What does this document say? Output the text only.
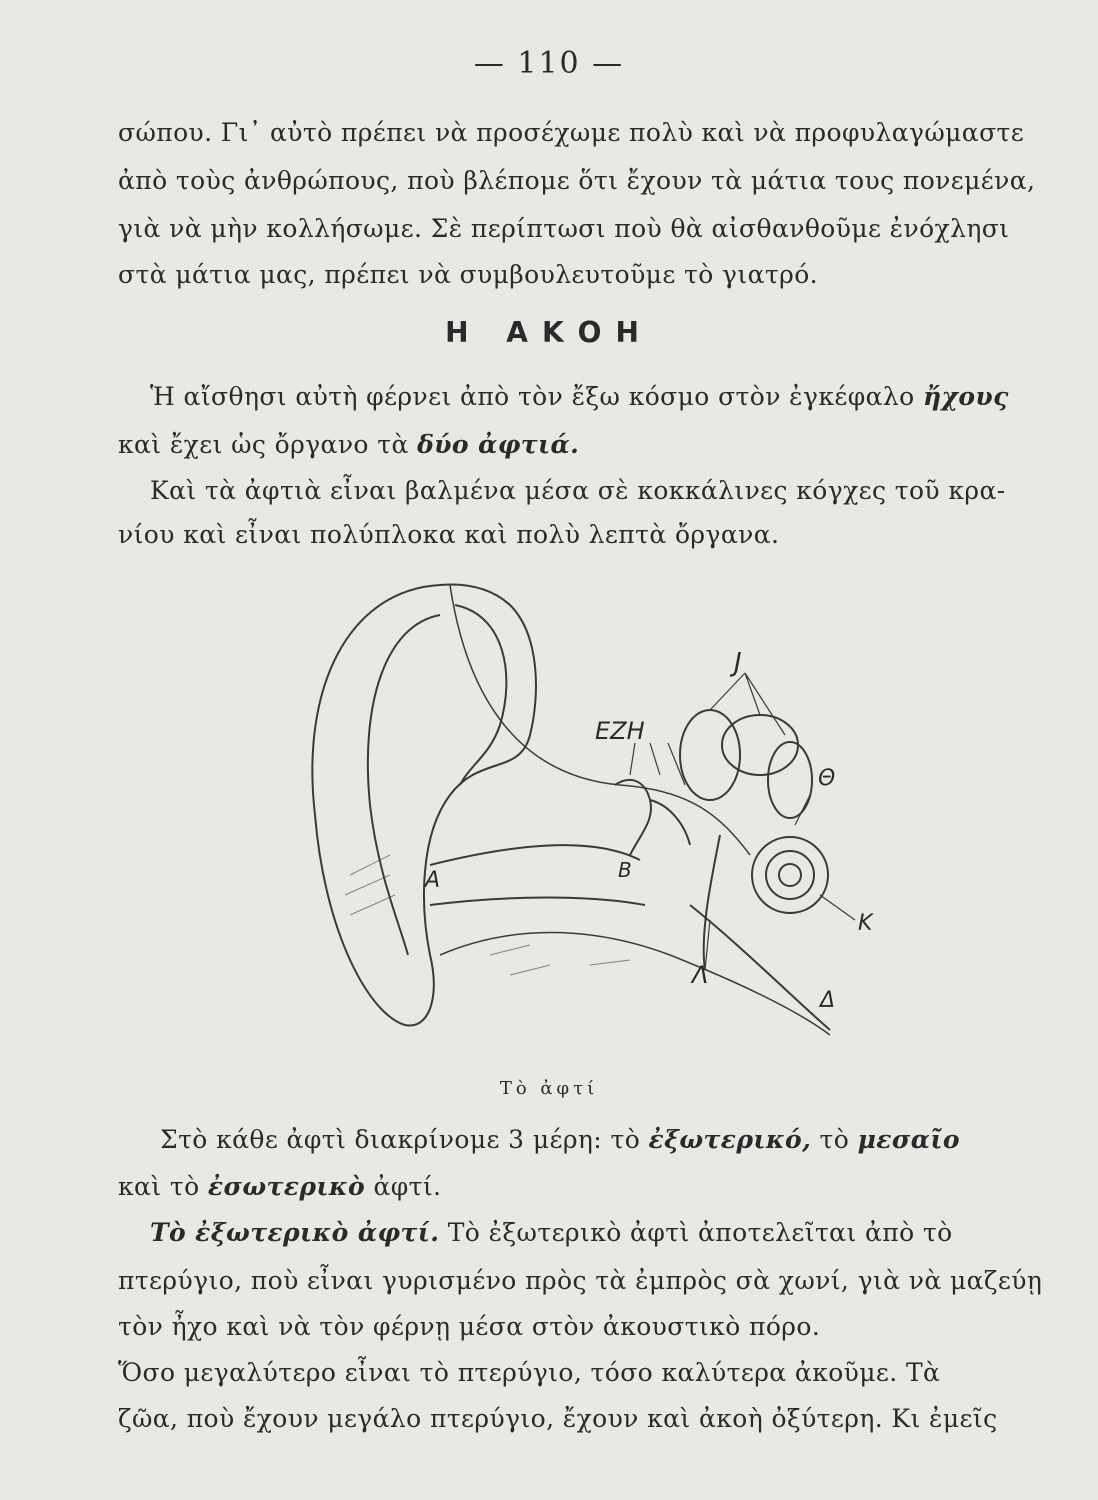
— 110 —
σώπου. Γι᾽ αὐτὸ πρέπει νὰ προσέχωμε πολὺ καὶ νὰ προφυλαγώμαστε
ἀπὸ τοὺς ἀνθρώπους, ποὺ βλέπομε ὅτι ἔχουν τὰ μάτια τους πονεμένα,
γιὰ νὰ μὴν κολλήσωμε. Σὲ περίπτωσι ποὺ θὰ αἰσθανθοῦμε ἐνόχλησι
στὰ μάτια μας, πρέπει νὰ συμβουλευτοῦμε τὸ γιατρό.
Η ΑΚΟΗ
Ἡ αἴσθησι αὐτὴ φέρνει ἀπὸ τὸν ἔξω κόσμο στὸν ἐγκέφαλο ἤχους
καὶ ἔχει ὡς ὄργανο τὰ δύο ἀφτιά.
Καὶ τὰ ἀφτιὰ εἶναι βαλμένα μέσα σὲ κοκκάλινες κόγχες τοῦ κρα-
νίου καὶ εἶναι πολύπλοκα καὶ πολὺ λεπτὰ ὄργανα.
J
ΕΖΗ
Θ
Α	Β
Κ
Λ
Δ
Τὸ ἀφτί
Στὸ κάθε ἀφτὶ διακρίνομε 3 μέρη: τὸ ἐξωτερικό, τὸ μεσαῖο
καὶ τὸ ἐσωτερικὸ ἀφτί.
Τὸ ἐξωτερικὸ ἀφτί. Τὸ ἐξωτερικὸ ἀφτὶ ἀποτελεῖται ἀπὸ τὸ
πτερύγιο, ποὺ εἶναι γυρισμένο πρὸς τὰ ἐμπρὸς σὰ χωνί, γιὰ νὰ μαζεύῃ
τὸν ἦχο καὶ νὰ τὸν φέρνῃ μέσα στὸν ἀκουστικὸ πόρο.
Ὅσο μεγαλύτερο εἶναι τὸ πτερύγιο, τόσο καλύτερα ἀκοῦμε. Τὰ
ζῶα, ποὺ ἔχουν μεγάλο πτερύγιο, ἔχουν καὶ ἀκοὴ ὀξύτερη. Κι ἐμεῖς
